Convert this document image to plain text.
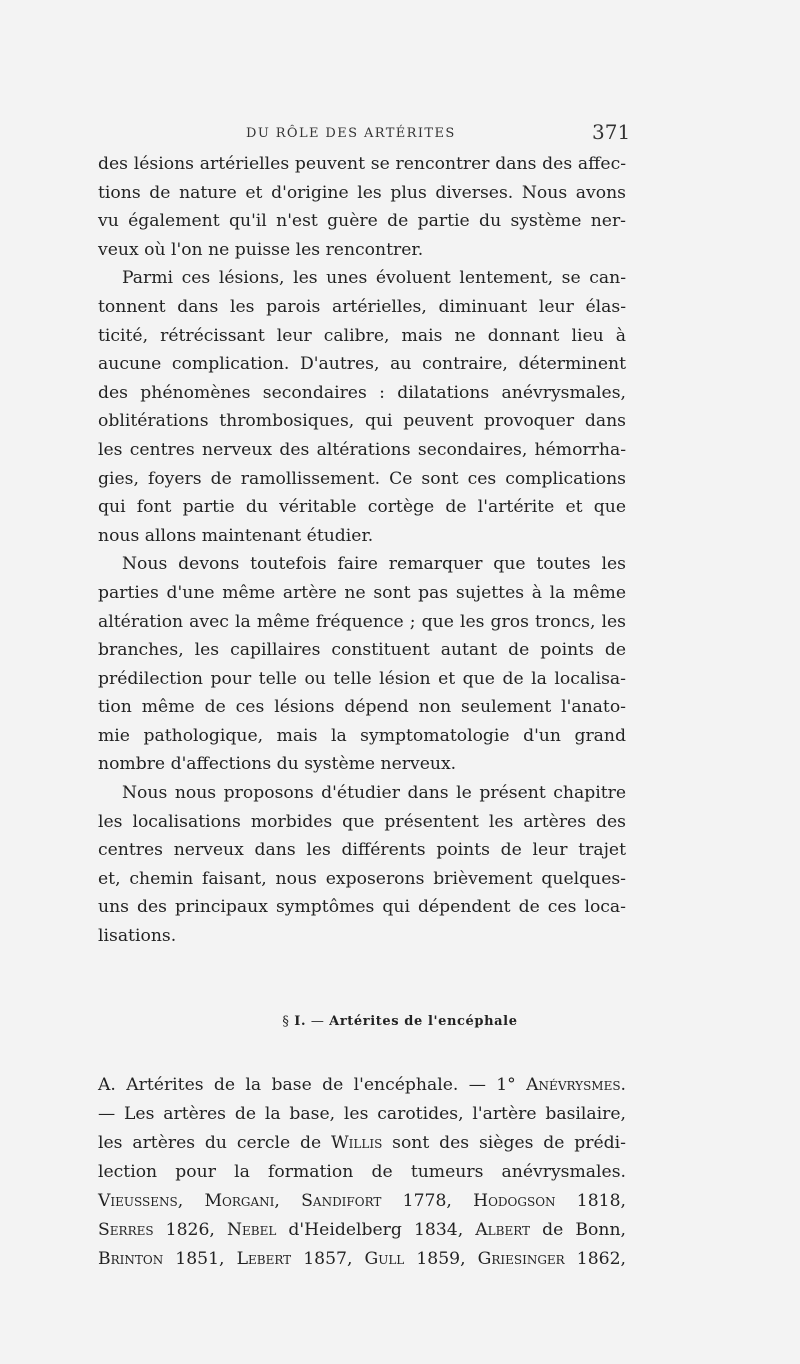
DU RÔLE DES ARTÉRITES	371
des lésions artérielles peuvent se rencontrer dans des affec-
tions de nature et d'origine les plus diverses. Nous avons
vu également qu'il n'est guère de partie du système ner-
veux où l'on ne puisse les rencontrer.
Parmi ces lésions, les unes évoluent lentement, se can-
tonnent dans les parois artérielles, diminuant leur élas-
ticité, rétrécissant leur calibre, mais ne donnant lieu à
aucune complication. D'autres, au contraire, déterminent
des phénomènes secondaires : dilatations anévrysmales,
oblitérations thrombosiques, qui peuvent provoquer dans
les centres nerveux des altérations secondaires, hémorrha-
gies, foyers de ramollissement. Ce sont ces complications
qui font partie du véritable cortège de l'artérite et que
nous allons maintenant étudier.
Nous devons toutefois faire remarquer que toutes les
parties d'une même artère ne sont pas sujettes à la même
altération avec la même fréquence ; que les gros troncs, les
branches, les capillaires constituent autant de points de
prédilection pour telle ou telle lésion et que de la localisa-
tion même de ces lésions dépend non seulement l'anato-
mie pathologique, mais la symptomatologie d'un grand
nombre d'affections du système nerveux.
Nous nous proposons d'étudier dans le présent chapitre
les localisations morbides que présentent les artères des
centres nerveux dans les différents points de leur trajet
et, chemin faisant, nous exposerons brièvement quelques-
uns des principaux symptômes qui dépendent de ces loca-
lisations.
§ I. — Artérites de l'encéphale
A. Artérites de la base de l'encéphale. — 1° Anévrysmes.
— Les artères de la base, les carotides, l'artère basilaire,
les artères du cercle de Willis sont des sièges de prédi-
lection pour la formation de tumeurs anévrysmales.
Vieussens, Morgani, Sandifort 1778, Hodogson 1818,
Serres 1826, Nebel d'Heidelberg 1834, Albert de Bonn,
Brinton 1851, Lebert 1857, Gull 1859, Griesinger 1862,
